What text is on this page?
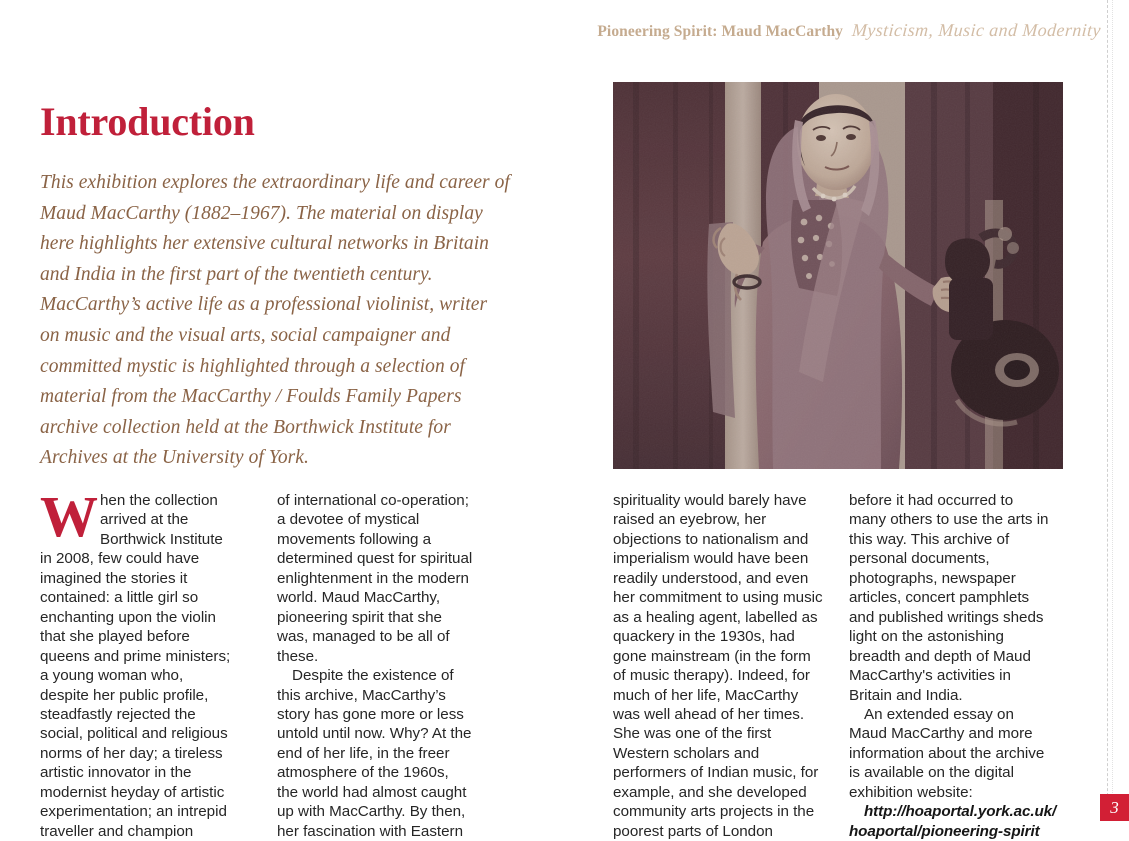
Pioneering Spirit: Maud MacCarthy Mysticism, Music and Modernity
Introduction
This exhibition explores the extraordinary life and career of Maud MacCarthy (1882–1967). The material on display here highlights her extensive cultural networks in Britain and India in the first part of the twentieth century. MacCarthy’s active life as a professional violinist, writer on music and the visual arts, social campaigner and committed mystic is highlighted through a selection of material from the MacCarthy / Foulds Family Papers archive collection held at the Borthwick Institute for Archives at the University of York.

When the collection arrived at the Borthwick Institute in 2008, few could have imagined the stories it contained: a little girl so enchanting upon the violin that she played before queens and prime ministers; a young woman who, despite her public profile, steadfastly rejected the social, political and religious norms of her day; a tireless artistic innovator in the modernist heyday of artistic experimentation; an intrepid traveller and champion

of international co-operation; a devotee of mystical movements following a determined quest for spiritual enlightenment in the modern world. Maud MacCarthy, pioneering spirit that she was, managed to be all of these.

Despite the existence of this archive, MacCarthy’s story has gone more or less untold until now. Why? At the end of her life, in the freer atmosphere of the 1960s, the world had almost caught up with MacCarthy. By then, her fascination with Eastern

spirituality would barely have raised an eyebrow, her objections to nationalism and imperialism would have been readily understood, and even her commitment to using music as a healing agent, labelled as quackery in the 1930s, had gone mainstream (in the form of music therapy). Indeed, for much of her life, MacCarthy was well ahead of her times. She was one of the first Western scholars and performers of Indian music, for example, and she developed community arts projects in the poorest parts of London

before it had occurred to many others to use the arts in this way. This archive of personal documents, photographs, newspaper articles, concert pamphlets and published writings sheds light on the astonishing breadth and depth of Maud MacCarthy's activities in Britain and India.

An extended essay on Maud MacCarthy and more information about the archive is available on the digital exhibition website:
http://hoaportal.york.ac.uk/ hoaportal/pioneering-spirit

3
